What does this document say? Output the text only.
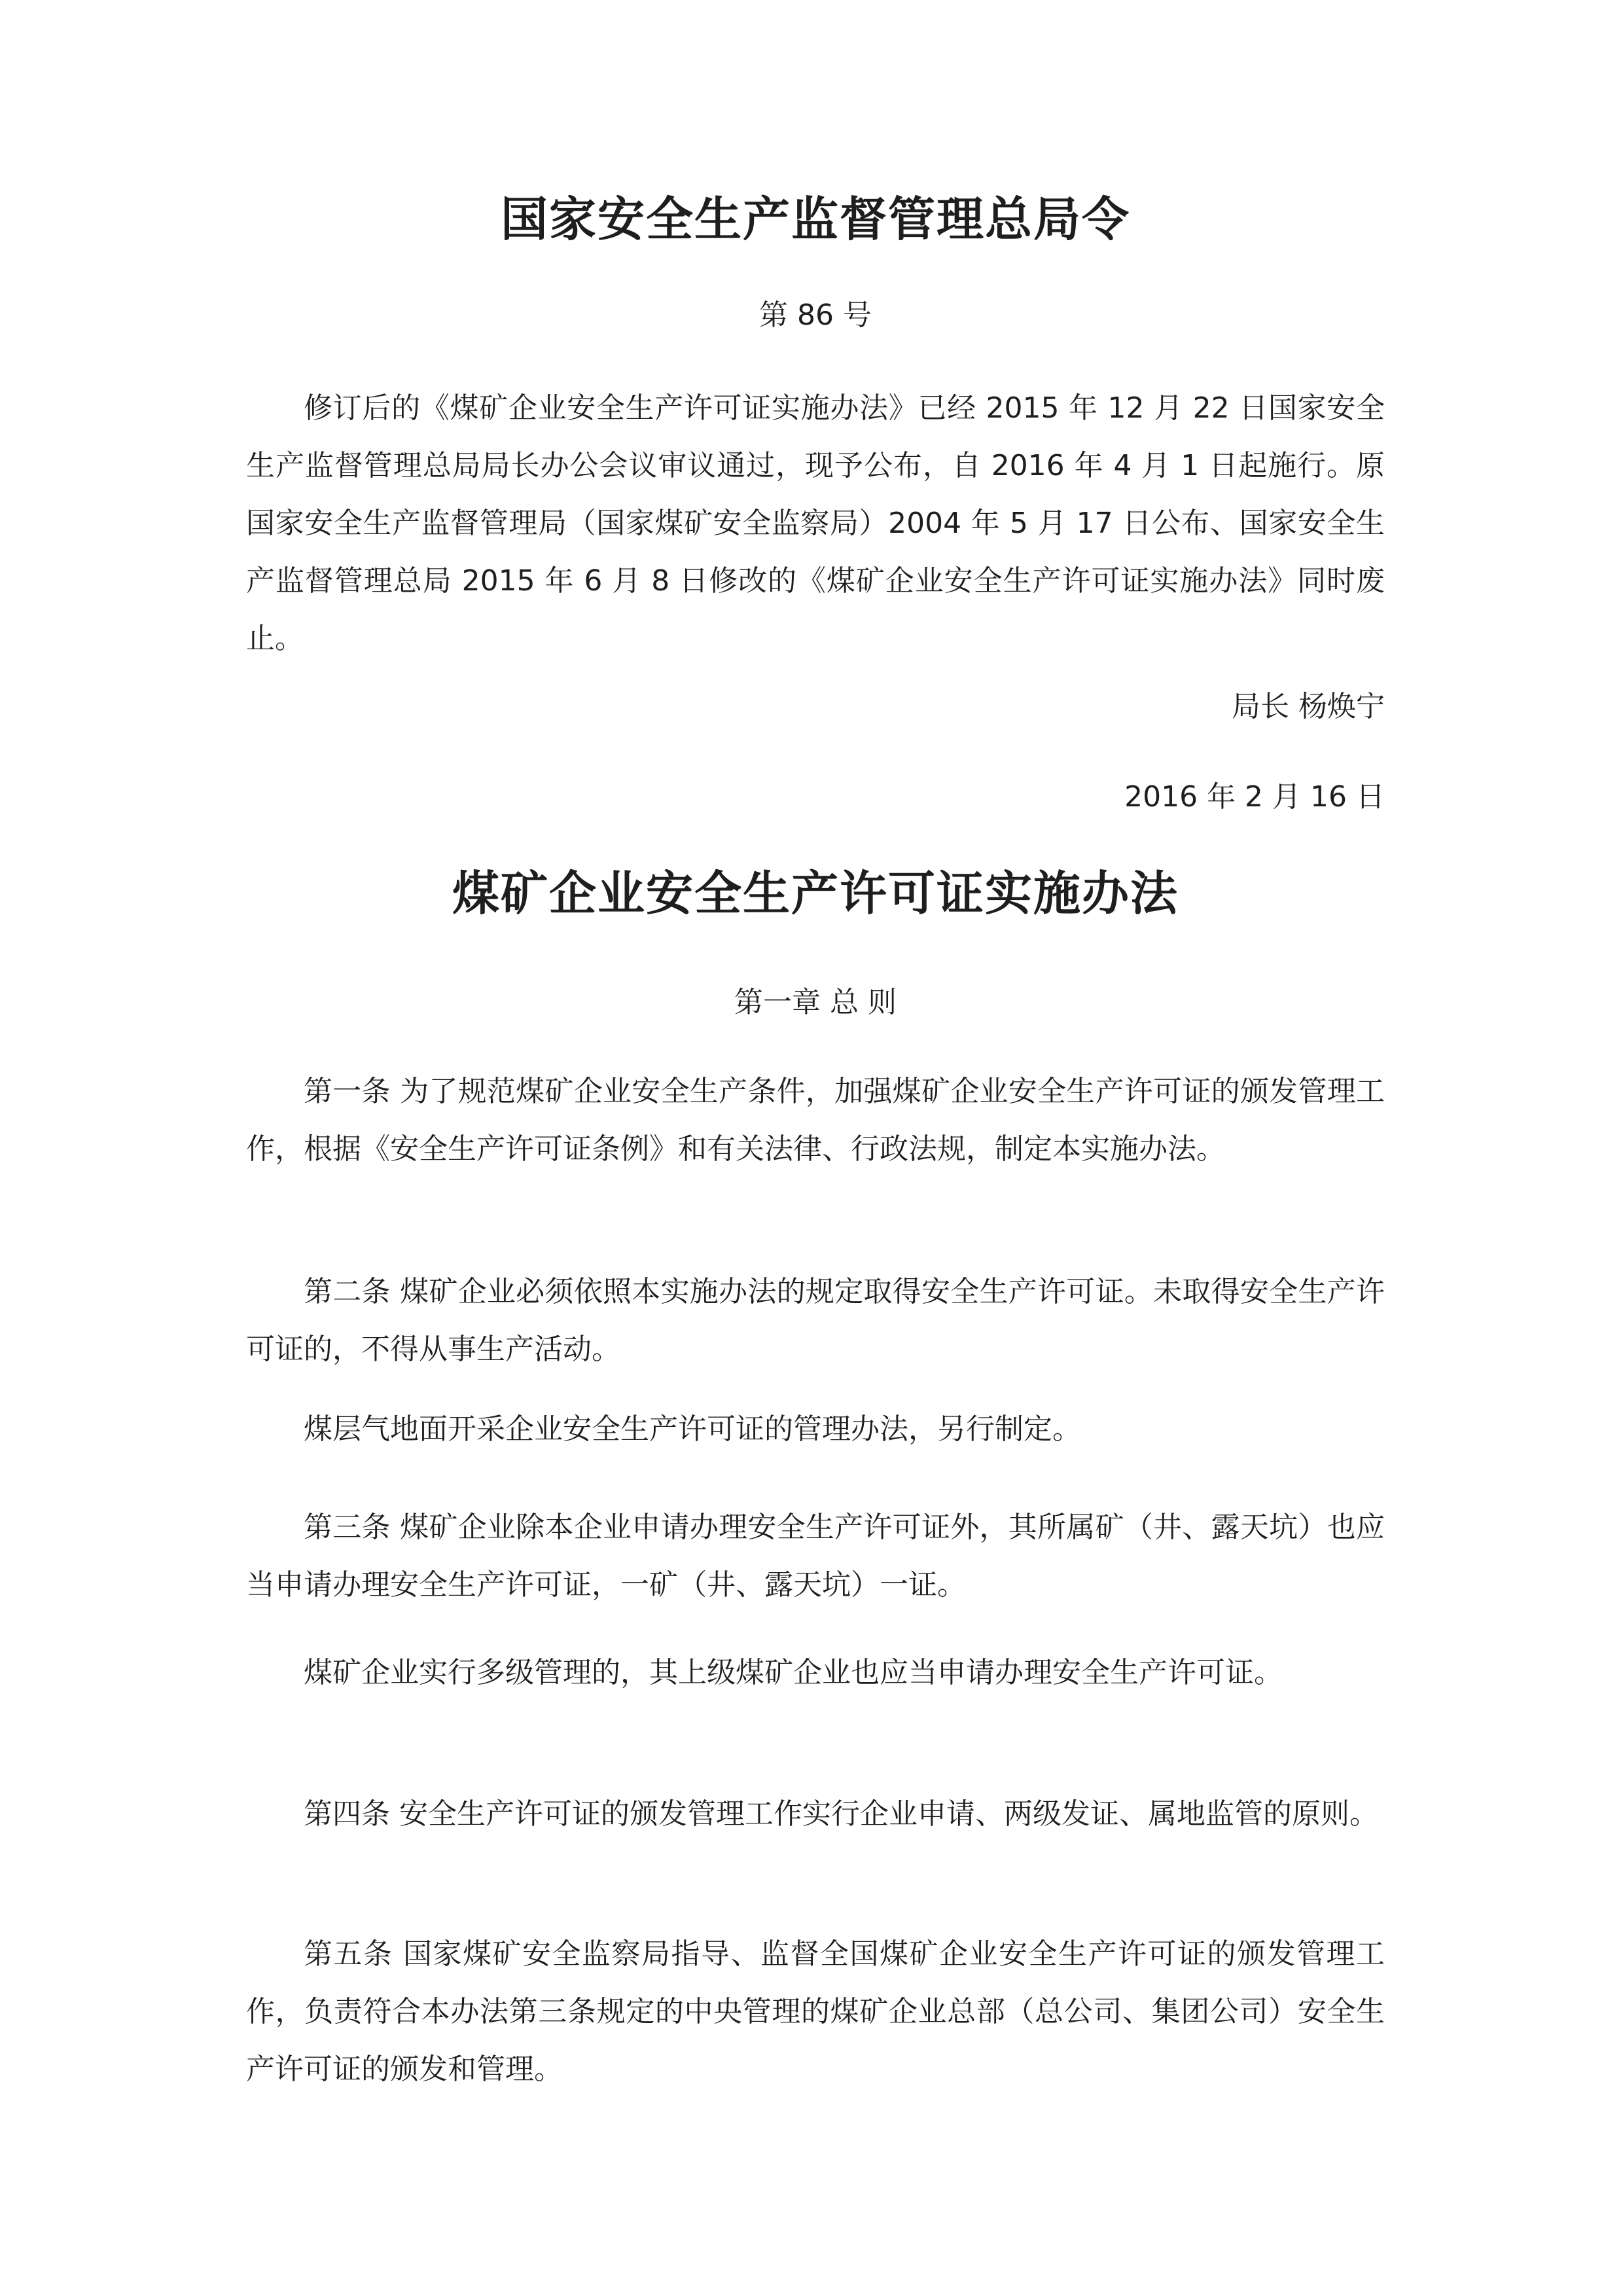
国家安全生产监督管理总局令

第 86 号

修订后的《煤矿企业安全生产许可证实施办法》已经 2015 年 12 月 22 日国家安全生产监督管理总局局长办公会议审议通过，现予公布，自 2016 年 4 月 1 日起施行。原国家安全生产监督管理局（国家煤矿安全监察局）2004 年 5 月 17 日公布、国家安全生产监督管理总局 2015 年 6 月 8 日修改的《煤矿企业安全生产许可证实施办法》同时废止。

局长 杨焕宁

2016 年 2 月 16 日

煤矿企业安全生产许可证实施办法

第一章 总 则

第一条 为了规范煤矿企业安全生产条件，加强煤矿企业安全生产许可证的颁发管理工作，根据《安全生产许可证条例》和有关法律、行政法规，制定本实施办法。

第二条 煤矿企业必须依照本实施办法的规定取得安全生产许可证。未取得安全生产许可证的，不得从事生产活动。

煤层气地面开采企业安全生产许可证的管理办法，另行制定。

第三条 煤矿企业除本企业申请办理安全生产许可证外，其所属矿（井、露天坑）也应当申请办理安全生产许可证，一矿（井、露天坑）一证。

煤矿企业实行多级管理的，其上级煤矿企业也应当申请办理安全生产许可证。

第四条 安全生产许可证的颁发管理工作实行企业申请、两级发证、属地监管的原则。

第五条 国家煤矿安全监察局指导、监督全国煤矿企业安全生产许可证的颁发管理工作，负责符合本办法第三条规定的中央管理的煤矿企业总部（总公司、集团公司）安全生产许可证的颁发和管理。
